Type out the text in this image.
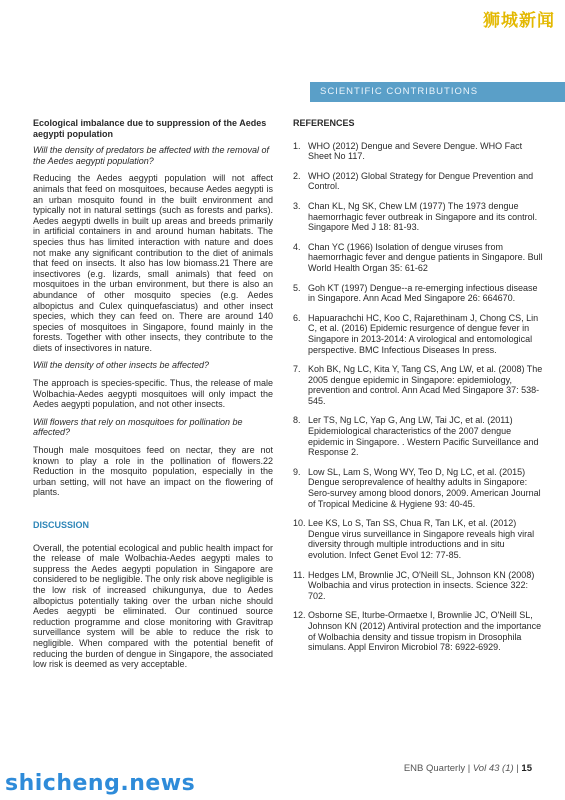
狮城新闻
SCIENTIFIC CONTRIBUTIONS

Ecological imbalance due to suppression of the Aedes aegypti population

Will the density of predators be affected with the removal of the Aedes aegypti population?

Reducing the Aedes aegypti population will not affect animals that feed on mosquitoes, because Aedes aegypti is an urban mosquito found in the built environment and typically not in natural settings (such as forests and parks). Aedes aegypti dwells in built up areas and breeds primarily in artificial containers in and around human habitats. The species thus has limited interaction with nature and does not make any significant contribution to the diet of animals that feed on insects. It also has low biomass.21 There are insectivores (e.g. lizards, small animals) that feed on mosquitoes in the urban environment, but there is also an abundance of other mosquito species (e.g. Aedes albopictus and Culex quinquefasciatus) and other insect species, which they can feed on. There are around 140 species of mosquitoes in Singapore, found mainly in the forests. Together with other insects, they contribute to the diets of insectivores in nature.

Will the density of other insects be affected?

The approach is species-specific. Thus, the release of male Wolbachia-Aedes aegypti mosquitoes will only impact the Aedes aegypti population, and not other insects.

Will flowers that rely on mosquitoes for pollination be affected?

Though male mosquitoes feed on nectar, they are not known to play a role in the pollination of flowers.22 Reduction in the mosquito population, especially in the urban setting, will not have an impact on the flowering of plants.

DISCUSSION

Overall, the potential ecological and public health impact for the release of male Wolbachia-Aedes aegypti males to suppress the Aedes aegypti population in Singapore are considered to be negligible. The only risk above negligible is the low risk of increased chikungunya, due to Aedes albopictus potentially taking over the urban niche should Aedes aegypti be eliminated. Our continued source reduction programme and close monitoring with Gravitrap surveillance system will be able to reduce the risk to negligible. When compared with the potential benefit of reducing the burden of dengue in Singapore, the associated low risk is deemed as very acceptable.

REFERENCES

1. WHO (2012) Dengue and Severe Dengue. WHO Fact Sheet No 117.
2. WHO (2012) Global Strategy for Dengue Prevention and Control.
3. Chan KL, Ng SK, Chew LM (1977) The 1973 dengue haemorrhagic fever outbreak in Singapore and its control. Singapore Med J 18: 81-93.
4. Chan YC (1966) Isolation of dengue viruses from haemorrhagic fever and dengue patients in Singapore. Bull World Health Organ 35: 61-62
5. Goh KT (1997) Dengue--a re-emerging infectious disease in Singapore. Ann Acad Med Singapore 26: 664670.
6. Hapuarachchi HC, Koo C, Rajarethinam J, Chong CS, Lin C, et al. (2016) Epidemic resurgence of dengue fever in Singapore in 2013-2014: A virological and entomological perspective. BMC Infectious Diseases In press.
7. Koh BK, Ng LC, Kita Y, Tang CS, Ang LW, et al. (2008) The 2005 dengue epidemic in Singapore: epidemiology, prevention and control. Ann Acad Med Singapore 37: 538-545.
8. Ler TS, Ng LC, Yap G, Ang LW, Tai JC, et al. (2011) Epidemiological characteristics of the 2007 dengue epidemic in Singapore. . Western Pacific Surveillance and Response 2.
9. Low SL, Lam S, Wong WY, Teo D, Ng LC, et al. (2015) Dengue seroprevalence of healthy adults in Singapore: Sero-survey among blood donors, 2009. American Journal of Tropical Medicine & Hygiene 93: 40-45.
10. Lee KS, Lo S, Tan SS, Chua R, Tan LK, et al. (2012) Dengue virus surveillance in Singapore reveals high viral diversity through multiple introductions and in situ evolution. Infect Genet Evol 12: 77-85.
11. Hedges LM, Brownlie JC, O'Neill SL, Johnson KN (2008) Wolbachia and virus protection in insects. Science 322: 702.
12. Osborne SE, Iturbe-Ormaetxe I, Brownlie JC, O'Neill SL, Johnson KN (2012) Antiviral protection and the importance of Wolbachia density and tissue tropism in Drosophila simulans. Appl Environ Microbiol 78: 6922-6929.
ENB Quarterly | Vol 43 (1) | 15
shicheng.news
